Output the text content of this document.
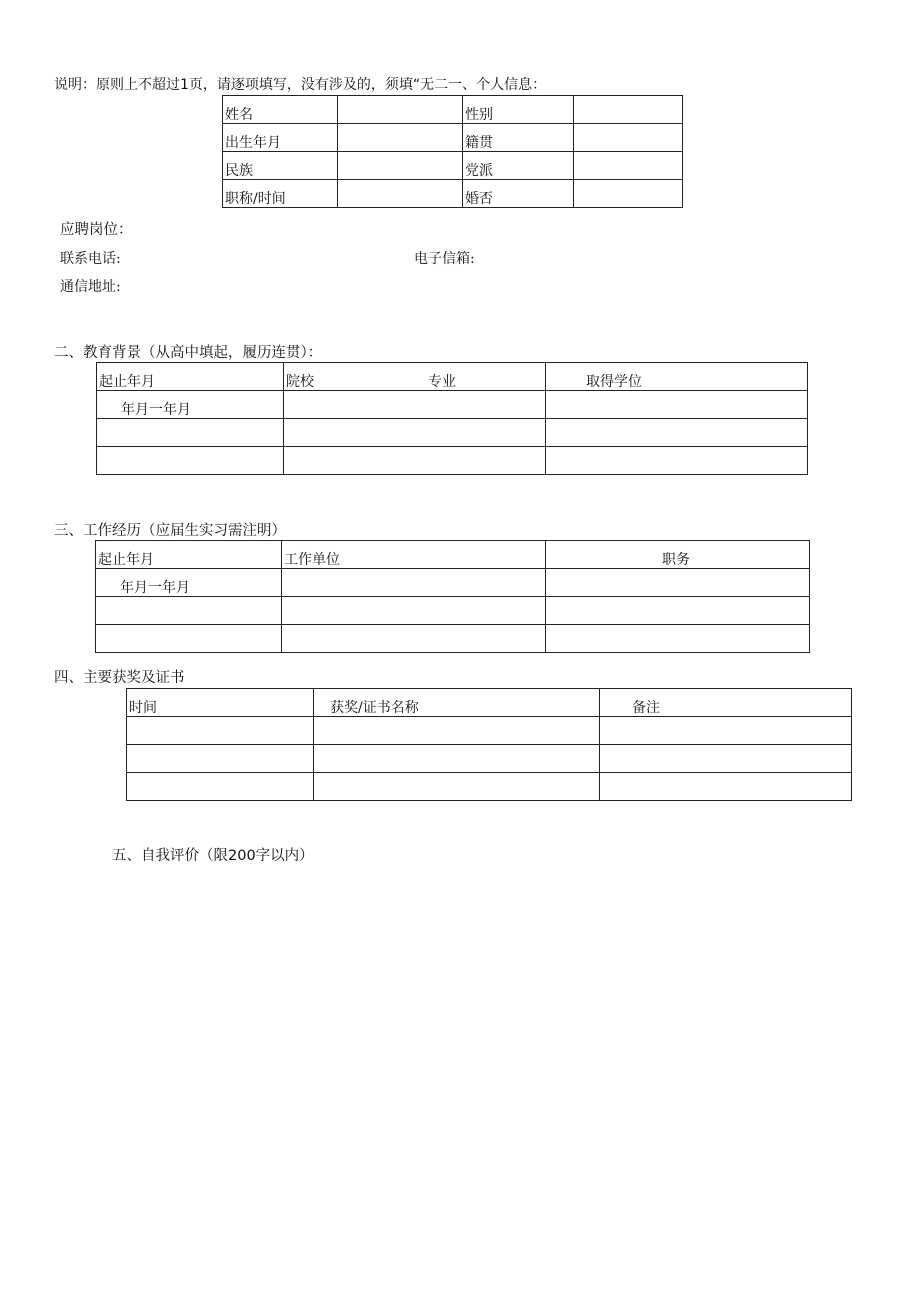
说明：原则上不超过1页，请逐项填写，没有涉及的，须填“无二一、个人信息：
姓名		性别	
出生年月		籍贯	
民族		党派	
职称/时间		婚否	
应聘岗位：
联系电话:	电子信箱:
通信地址:
二、教育背景（从高中填起，履历连贯）：
起止年月	院校 专业	取得学位
年月一年月		

三、工作经历（应届生实习需注明）
起止年月	工作单位	职务
年月一年月		

四、主要获奖及证书
时间	获奖/证书名称	备注

五、自我评价（限200字以内）
